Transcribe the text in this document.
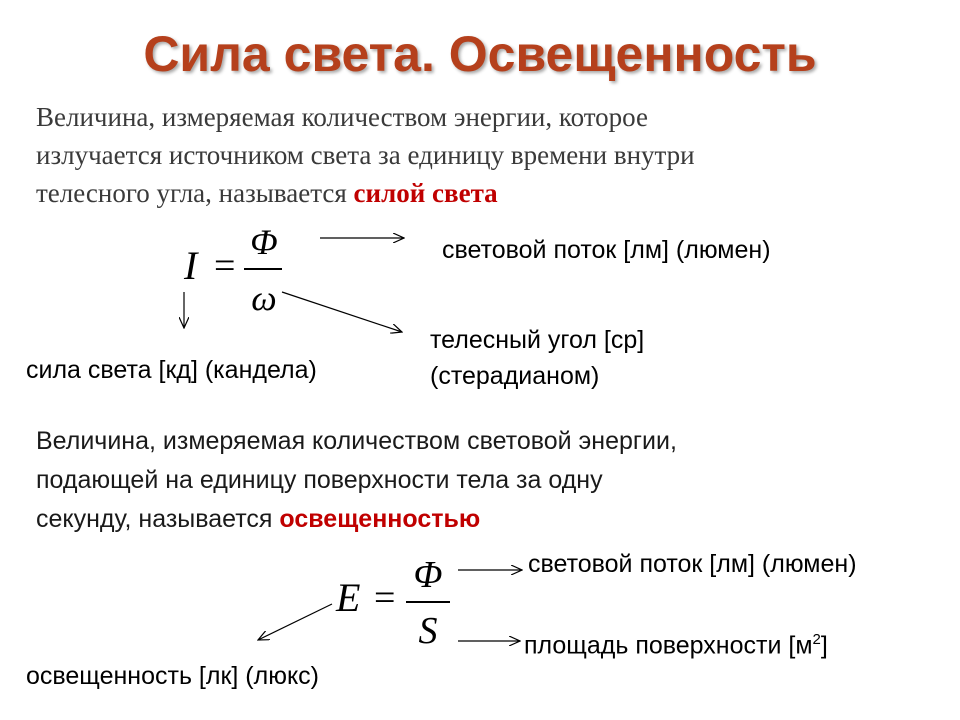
Сила света. Освещенность
Величина, измеряемая количеством энергии, которое
излучается источником света за единицу времени внутри
телесного угла, называется силой света
I =
Φ
ω
световой поток [лм] (люмен)
телесный угол [ср]
(стерадианом)
сила света [кд] (кандела)
Величина, измеряемая количеством световой энергии,
подающей на единицу поверхности тела за одну
секунду, называется освещенностью
E =
Φ
S
световой поток [лм] (люмен)
площадь поверхности $[м^2]$
освещенность [лк] (люкс)
